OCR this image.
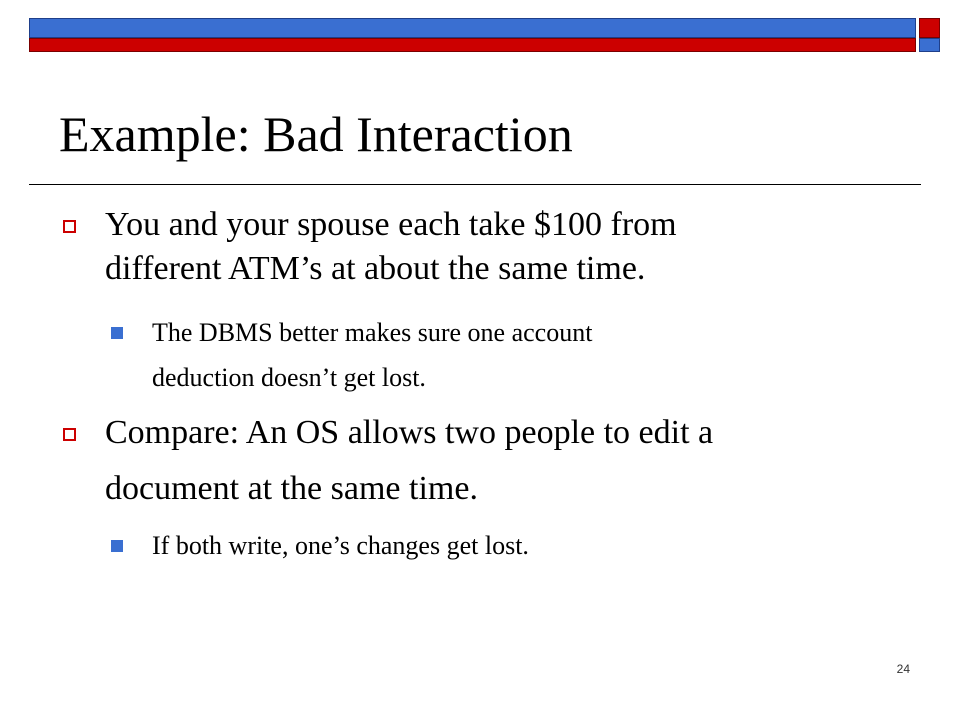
Example: Bad Interaction

You and your spouse each take $100 from

different ATM’s at about the same time.

The DBMS better makes sure one account

deduction doesn’t get lost.

Compare: An OS allows two people to edit a

document at the same time.

If both write, one’s changes get lost.

24
